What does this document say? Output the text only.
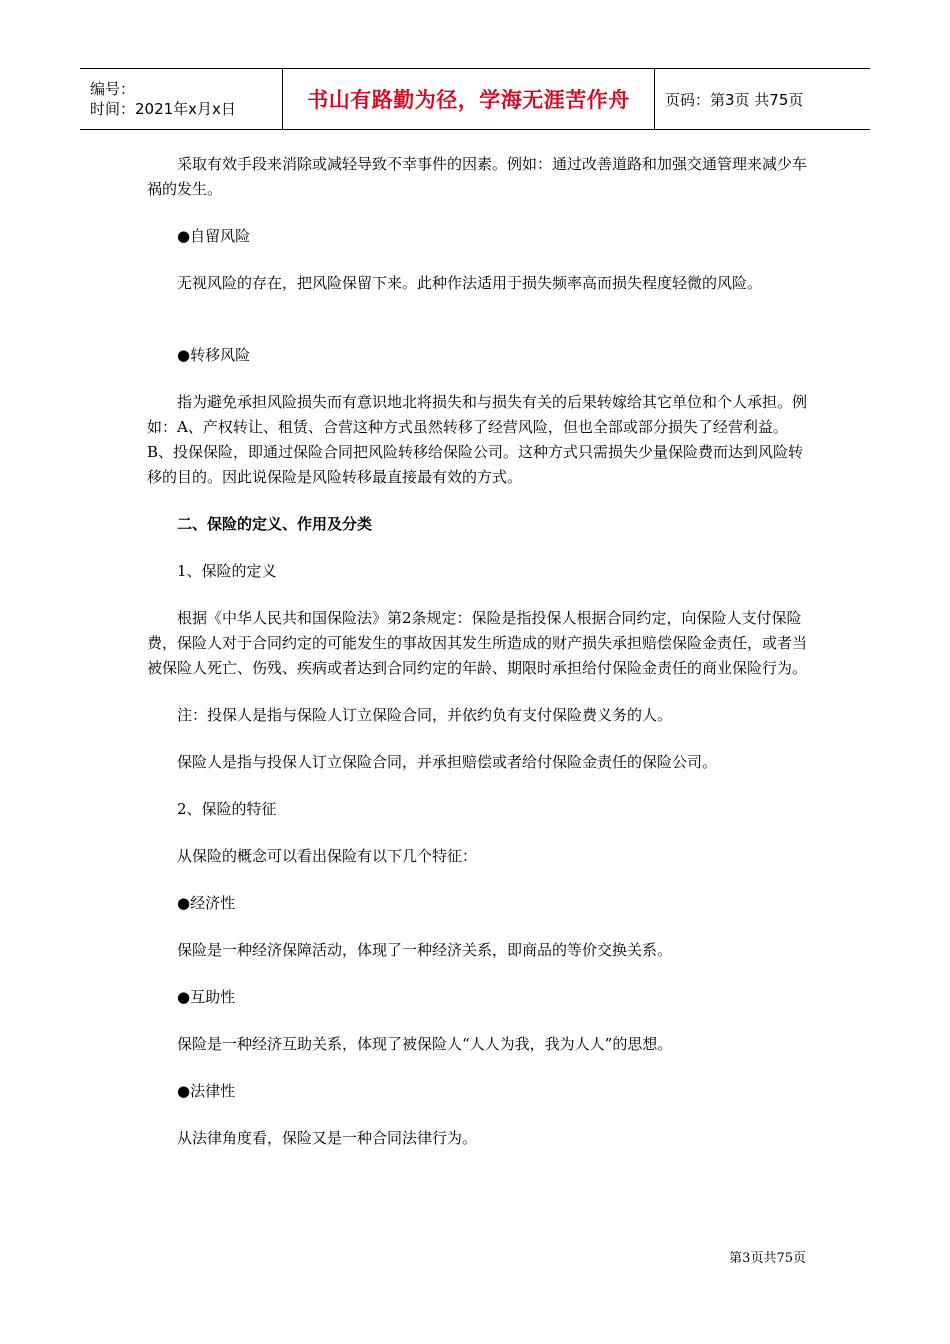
编号：
时间：2021年x月x日	书山有路勤为径，学海无涯苦作舟	页码：第3页 共75页

采取有效手段来消除或减轻导致不幸事件的因素。例如：通过改善道路和加强交通管理来减少车祸的发生。

●自留风险

无视风险的存在，把风险保留下来。此种作法适用于损失频率高而损失程度轻微的风险。

●转移风险

指为避免承担风险损失而有意识地北将损失和与损失有关的后果转嫁给其它单位和个人承担。例如：A、产权转让、租赁、合营这种方式虽然转移了经营风险，但也全部或部分损失了经营利益。B、投保保险，即通过保险合同把风险转移给保险公司。这种方式只需损失少量保险费而达到风险转移的目的。因此说保险是风险转移最直接最有效的方式。

二、保险的定义、作用及分类

1、保险的定义

根据《中华人民共和国保险法》第2条规定：保险是指投保人根据合同约定，向保险人支付保险费，保险人对于合同约定的可能发生的事故因其发生所造成的财产损失承担赔偿保险金责任，或者当被保险人死亡、伤残、疾病或者达到合同约定的年龄、期限时承担给付保险金责任的商业保险行为。

注：投保人是指与保险人订立保险合同，并依约负有支付保险费义务的人。

保险人是指与投保人订立保险合同，并承担赔偿或者给付保险金责任的保险公司。

2、保险的特征

从保险的概念可以看出保险有以下几个特征：

●经济性

保险是一种经济保障活动，体现了一种经济关系，即商品的等价交换关系。

●互助性

保险是一种经济互助关系，体现了被保险人“人人为我，我为人人”的思想。

●法律性

从法律角度看，保险又是一种合同法律行为。

第3页共75页
